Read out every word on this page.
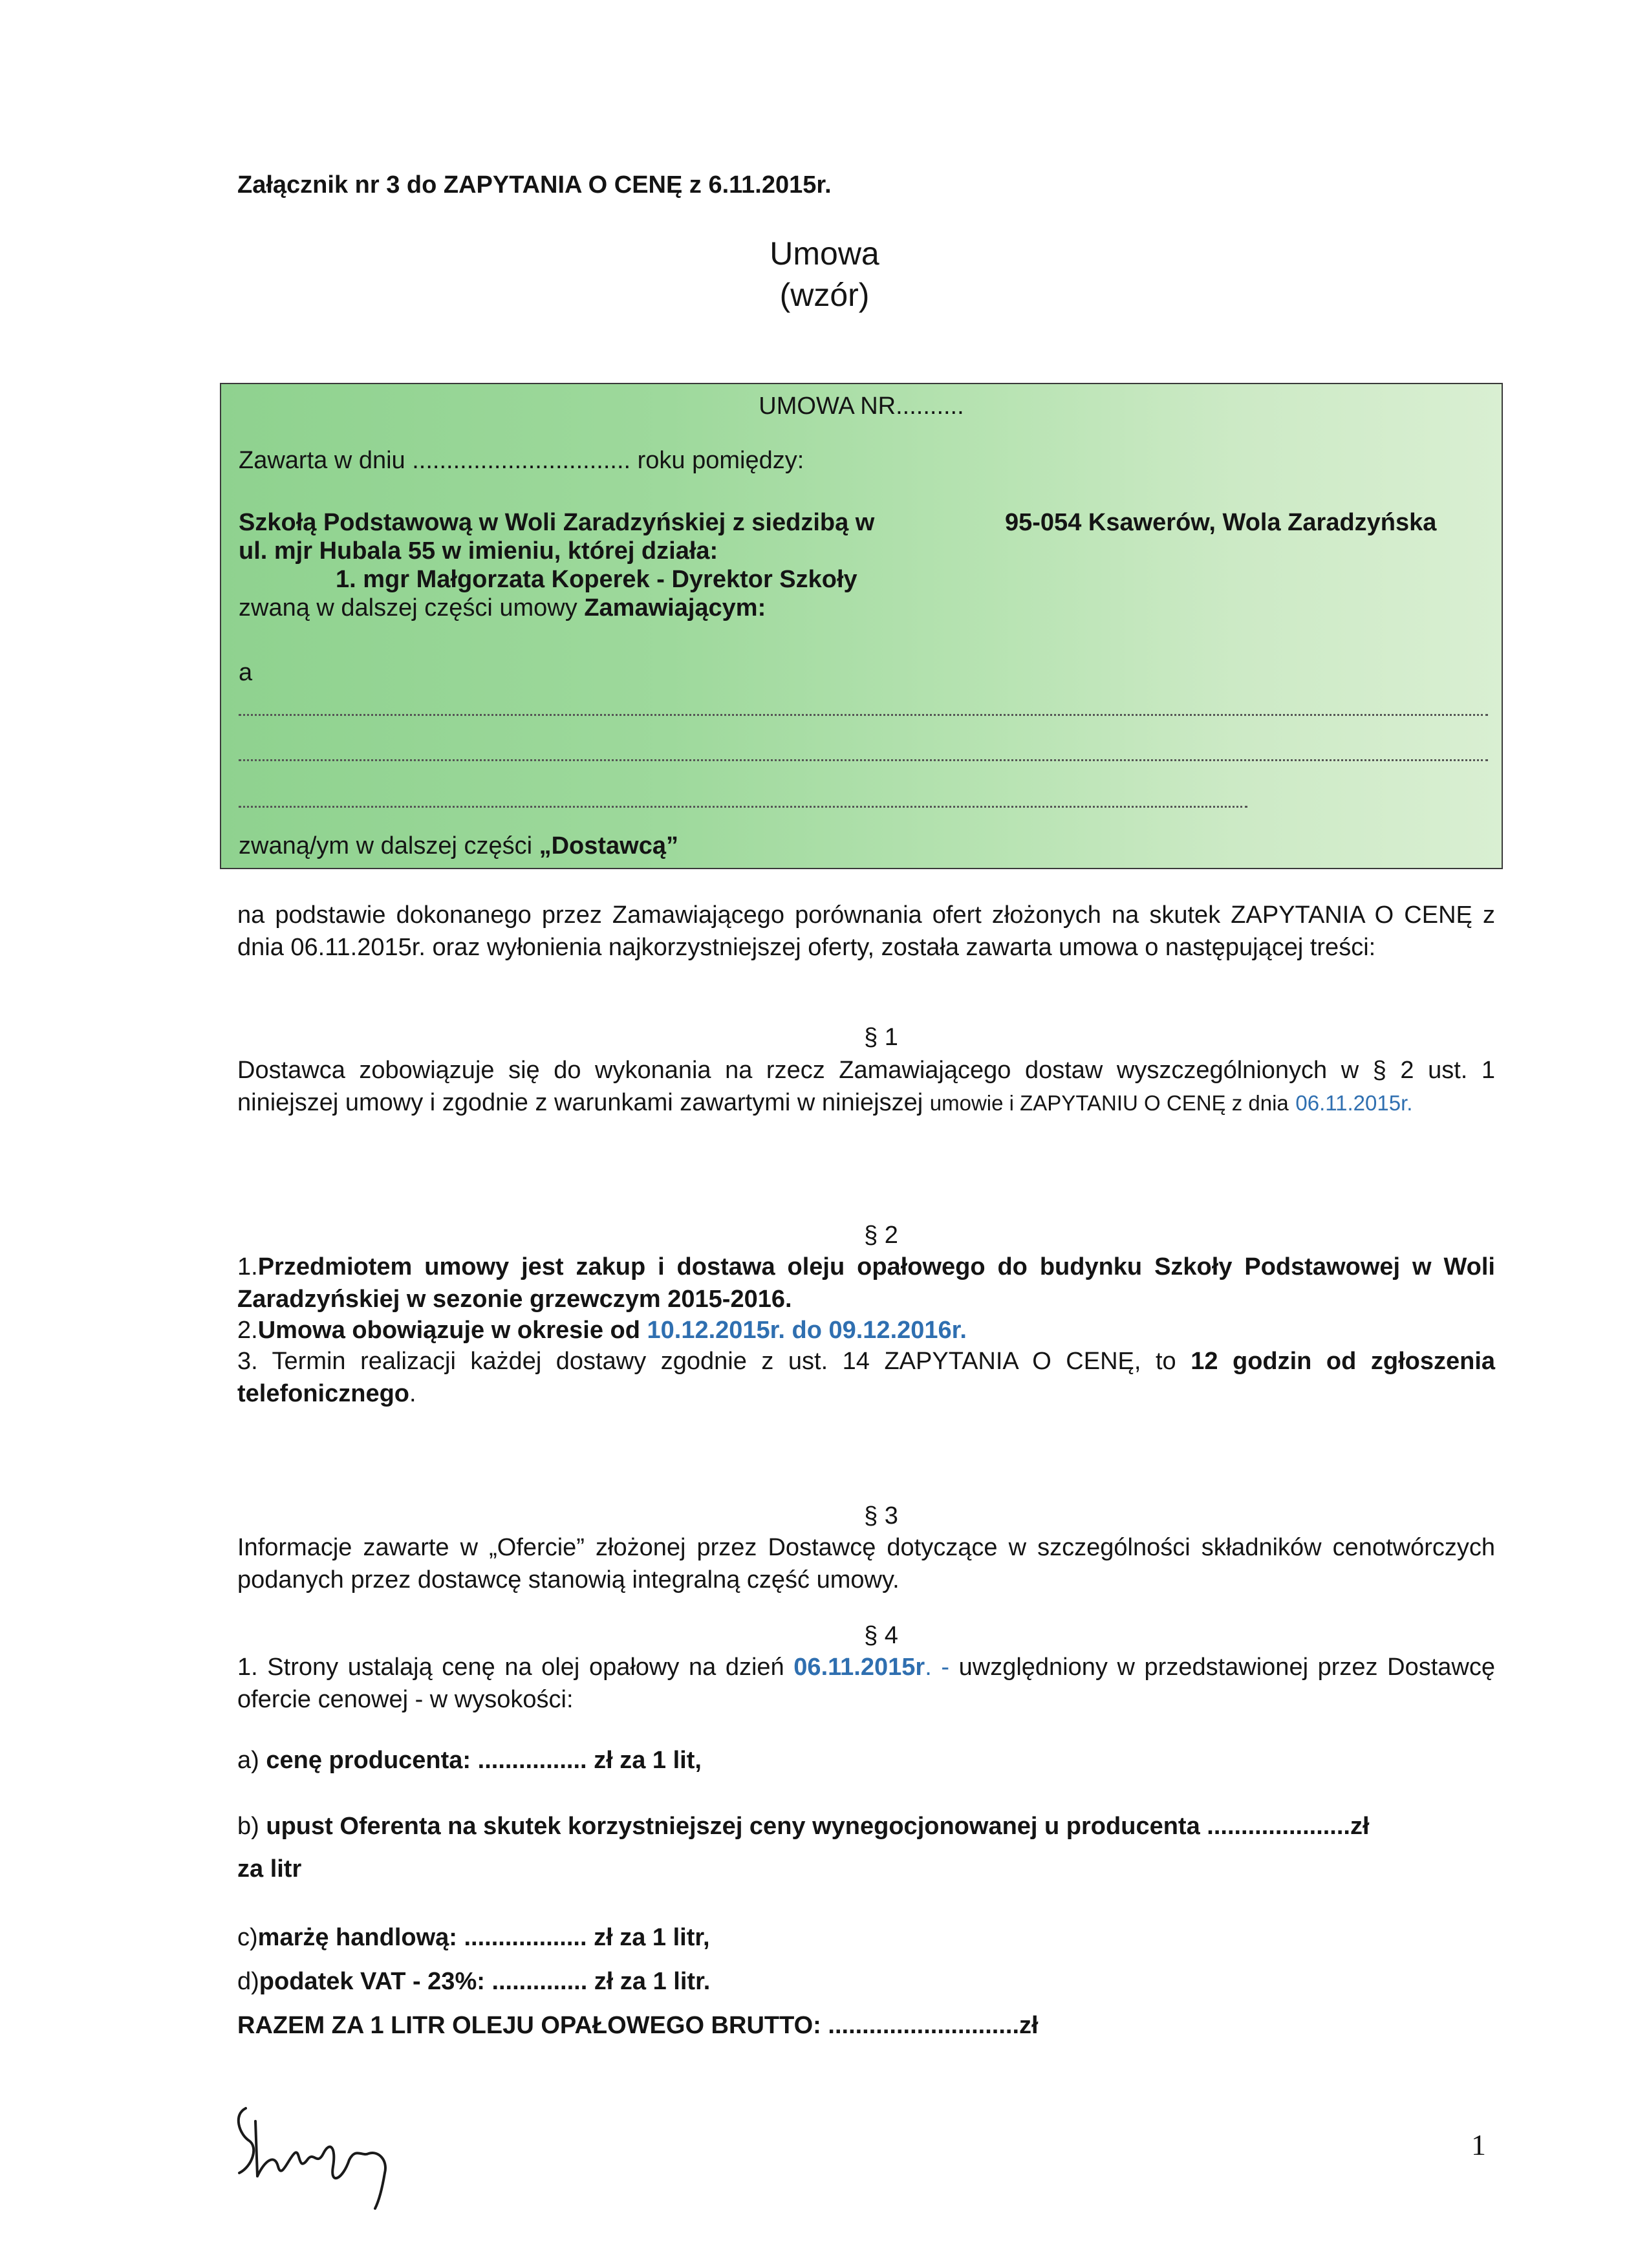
Załącznik nr 3 do ZAPYTANIA O CENĘ z 6.11.2015r.
Umowa
(wzór)
UMOWA NR..........
Zawarta w dniu ................................ roku pomiędzy:
Szkołą Podstawową w Woli Zaradzyńskiej z siedzibą w	95-054 Ksawerów, Wola Zaradzyńska
ul. mjr Hubala 55 w imieniu, której działa:
1. mgr Małgorzata Koperek - Dyrektor Szkoły
zwaną w dalszej części umowy Zamawiającym:
a
zwaną/ym w dalszej części „Dostawcą”
na podstawie dokonanego przez Zamawiającego porównania ofert złożonych na skutek ZAPYTANIA O CENĘ z dnia 06.11.2015r. oraz wyłonienia najkorzystniejszej oferty, została zawarta umowa o następującej treści:
§ 1
Dostawca zobowiązuje się do wykonania na rzecz Zamawiającego dostaw wyszczególnionych w § 2 ust. 1 niniejszej umowy i zgodnie z warunkami zawartymi w niniejszej umowie i ZAPYTANIU O CENĘ z dnia 06.11.2015r.
§ 2
1.Przedmiotem umowy jest zakup i dostawa oleju opałowego do budynku Szkoły Podstawowej w Woli Zaradzyńskiej w sezonie grzewczym 2015-2016.
2.Umowa obowiązuje w okresie od 10.12.2015r. do 09.12.2016r.
3. Termin realizacji każdej dostawy zgodnie z ust. 14 ZAPYTANIA O CENĘ, to 12 godzin od zgłoszenia telefonicznego.
§ 3
Informacje zawarte w „Ofercie” złożonej przez Dostawcę dotyczące w szczególności składników cenotwórczych podanych przez dostawcę stanowią integralną część umowy.
§ 4
1. Strony ustalają cenę na olej opałowy na dzień 06.11.2015r. - uwzględniony w przedstawionej przez Dostawcę ofercie cenowej - w wysokości:
a) cenę producenta: ................ zł za 1 lit,
b) upust Oferenta na skutek korzystniejszej ceny wynegocjonowanej u producenta .....................zł
za litr
c)marżę handlową: .................. zł za 1 litr,
d)podatek VAT - 23%: .............. zł za 1 litr.
RAZEM ZA 1 LITR OLEJU OPAŁOWEGO BRUTTO: ............................zł
1
